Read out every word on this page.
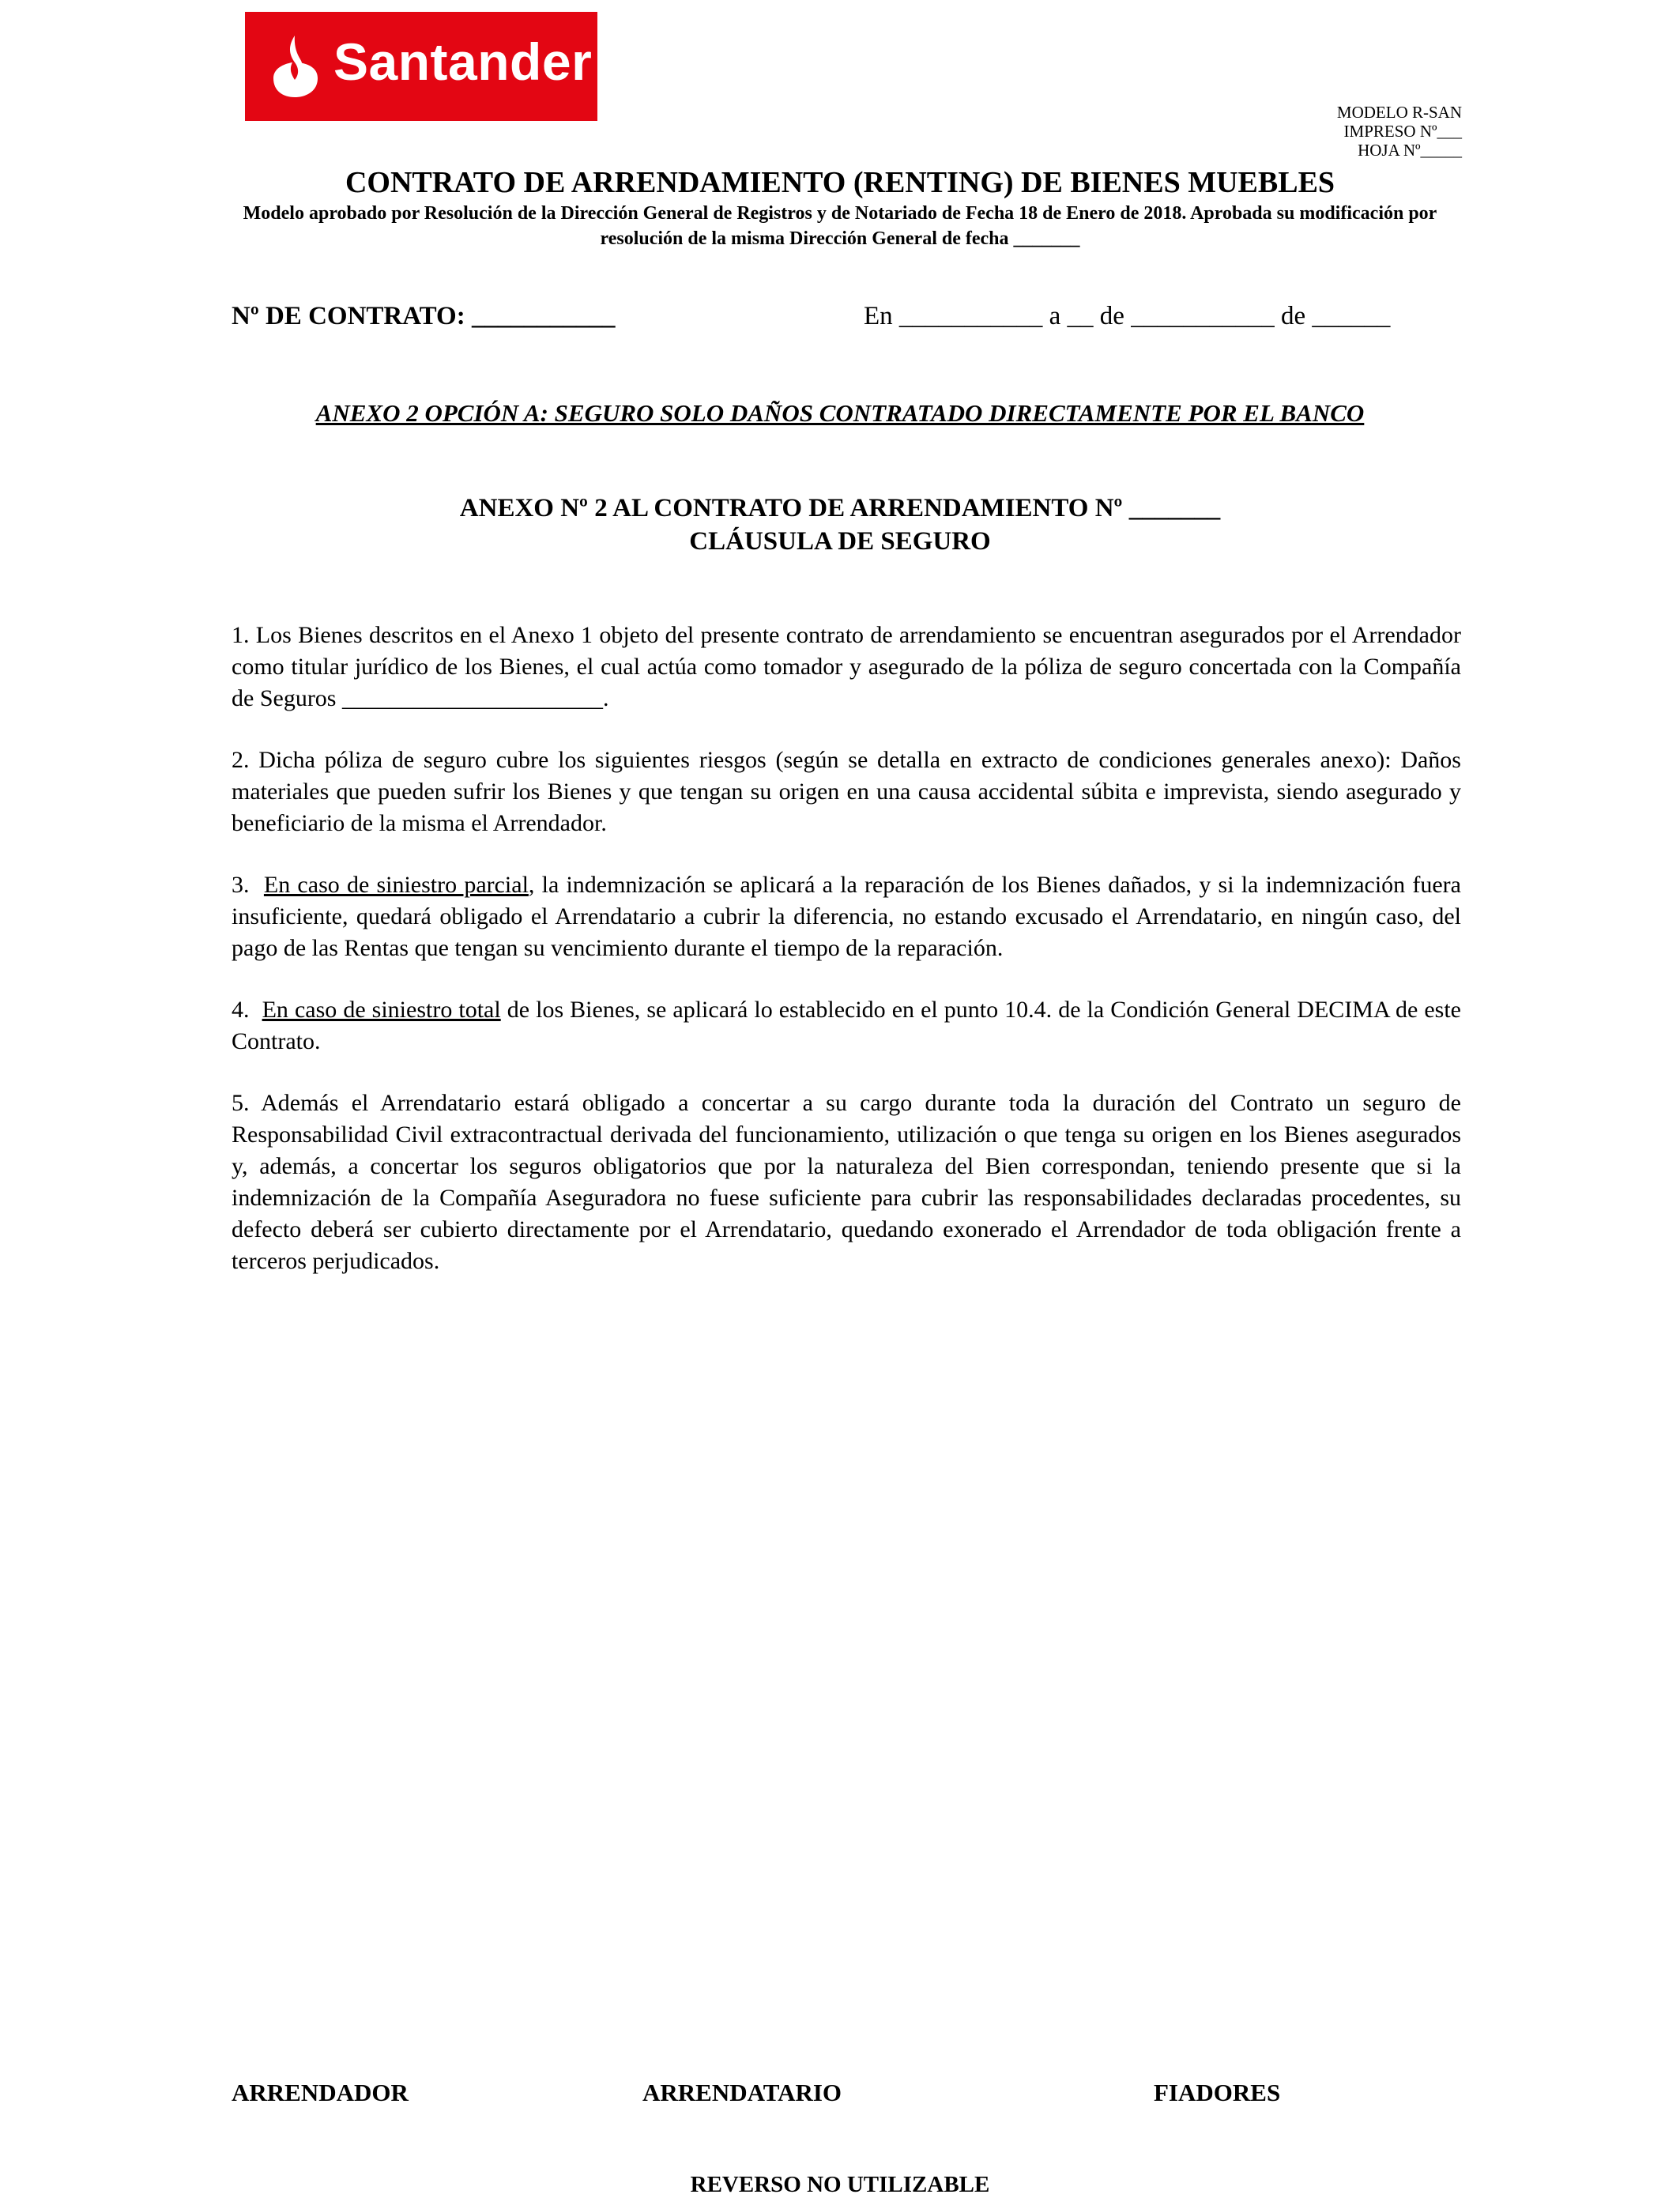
Santander
MODELO R-SAN
IMPRESO Nº___
HOJA Nº_____
CONTRATO DE ARRENDAMIENTO (RENTING) DE BIENES MUEBLES
Modelo aprobado por Resolución de la Dirección General de Registros y de Notariado de Fecha 18 de Enero de 2018. Aprobada su modificación por resolución de la misma Dirección General de fecha _______
Nº DE CONTRATO: ___________	En ___________ a __ de ___________ de ______
ANEXO 2 OPCIÓN A: SEGURO SOLO DAÑOS CONTRATADO DIRECTAMENTE POR EL BANCO
ANEXO Nº 2 AL CONTRATO DE ARRENDAMIENTO Nº _______
CLÁUSULA DE SEGURO

1. Los Bienes descritos en el Anexo 1 objeto del presente contrato de arrendamiento se encuentran asegurados por el Arrendador como titular jurídico de los Bienes, el cual actúa como tomador y asegurado de la póliza de seguro concertada con la Compañía de Seguros ______________________.

2. Dicha póliza de seguro cubre los siguientes riesgos (según se detalla en extracto de condiciones generales anexo): Daños materiales que pueden sufrir los Bienes y que tengan su origen en una causa accidental súbita e imprevista, siendo asegurado y beneficiario de la misma el Arrendador.

3. En caso de siniestro parcial, la indemnización se aplicará a la reparación de los Bienes dañados, y si la indemnización fuera insuficiente, quedará obligado el Arrendatario a cubrir la diferencia, no estando excusado el Arrendatario, en ningún caso, del pago de las Rentas que tengan su vencimiento durante el tiempo de la reparación.

4. En caso de siniestro total de los Bienes, se aplicará lo establecido en el punto 10.4. de la Condición General DECIMA de este Contrato.

5. Además el Arrendatario estará obligado a concertar a su cargo durante toda la duración del Contrato un seguro de Responsabilidad Civil extracontractual derivada del funcionamiento, utilización o que tenga su origen en los Bienes asegurados y, además, a concertar los seguros obligatorios que por la naturaleza del Bien correspondan, teniendo presente que si la indemnización de la Compañía Aseguradora no fuese suficiente para cubrir las responsabilidades declaradas procedentes, su defecto deberá ser cubierto directamente por el Arrendatario, quedando exonerado el Arrendador de toda obligación frente a terceros perjudicados.

ARRENDADOR	ARRENDATARIO	FIADORES
REVERSO NO UTILIZABLE
